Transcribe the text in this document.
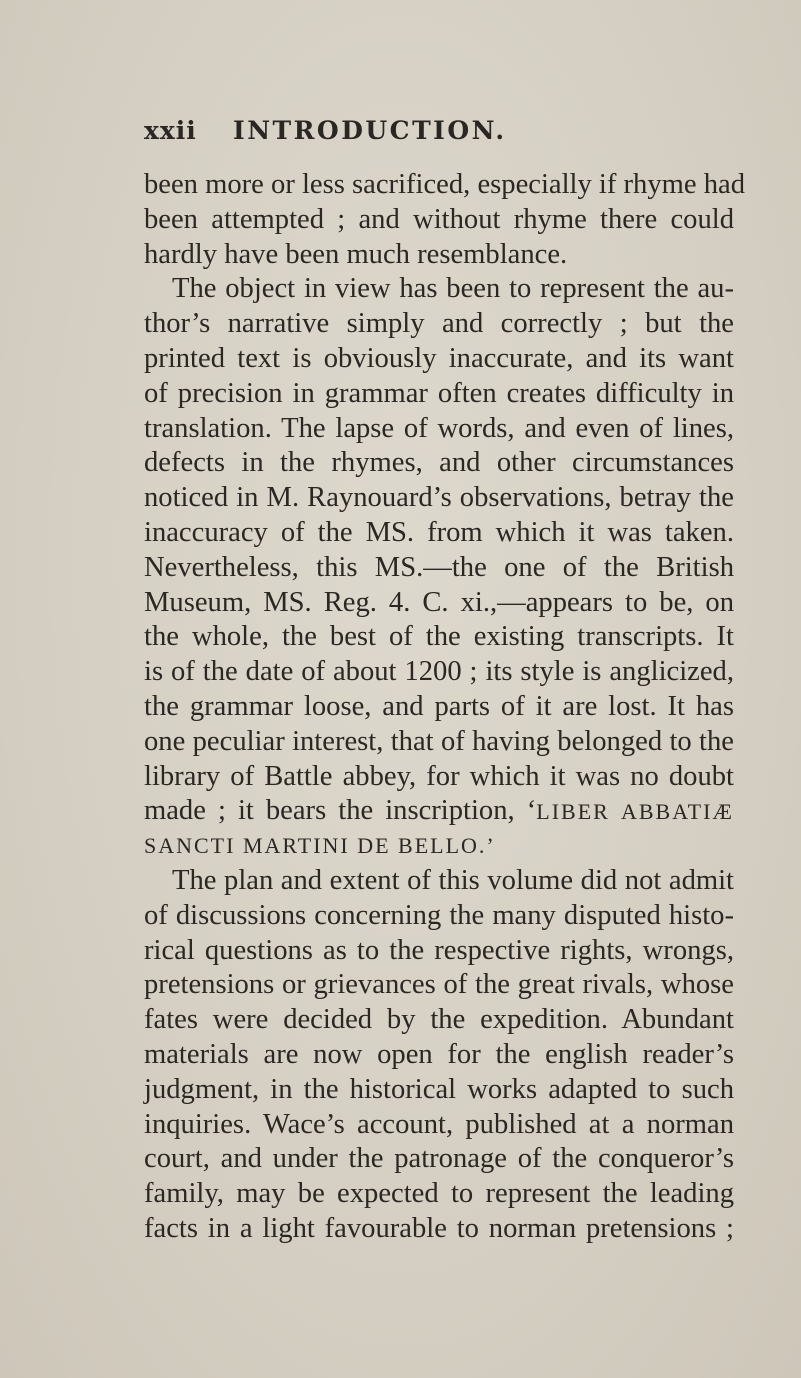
xxii INTRODUCTION.
been more or less sacrificed, especially if rhyme had
been attempted ; and without rhyme there could
hardly have been much resemblance.
The object in view has been to represent the au-
thor’s narrative simply and correctly ; but the
printed text is obviously inaccurate, and its want
of precision in grammar often creates difficulty in
translation. The lapse of words, and even of lines,
defects in the rhymes, and other circumstances
noticed in M. Raynouard’s observations, betray the
inaccuracy of the MS. from which it was taken.
Nevertheless, this MS.—the one of the British
Museum, MS. Reg. 4. C. xi.,—appears to be, on
the whole, the best of the existing transcripts. It
is of the date of about 1200 ; its style is anglicized,
the grammar loose, and parts of it are lost. It has
one peculiar interest, that of having belonged to the
library of Battle abbey, for which it was no doubt
made ; it bears the inscription, ‘LIBER ABBATIÆ
SANCTI MARTINI DE BELLO.’
The plan and extent of this volume did not admit
of discussions concerning the many disputed histo-
rical questions as to the respective rights, wrongs,
pretensions or grievances of the great rivals, whose
fates were decided by the expedition. Abundant
materials are now open for the english reader’s
judgment, in the historical works adapted to such
inquiries. Wace’s account, published at a norman
court, and under the patronage of the conqueror’s
family, may be expected to represent the leading
facts in a light favourable to norman pretensions ;
